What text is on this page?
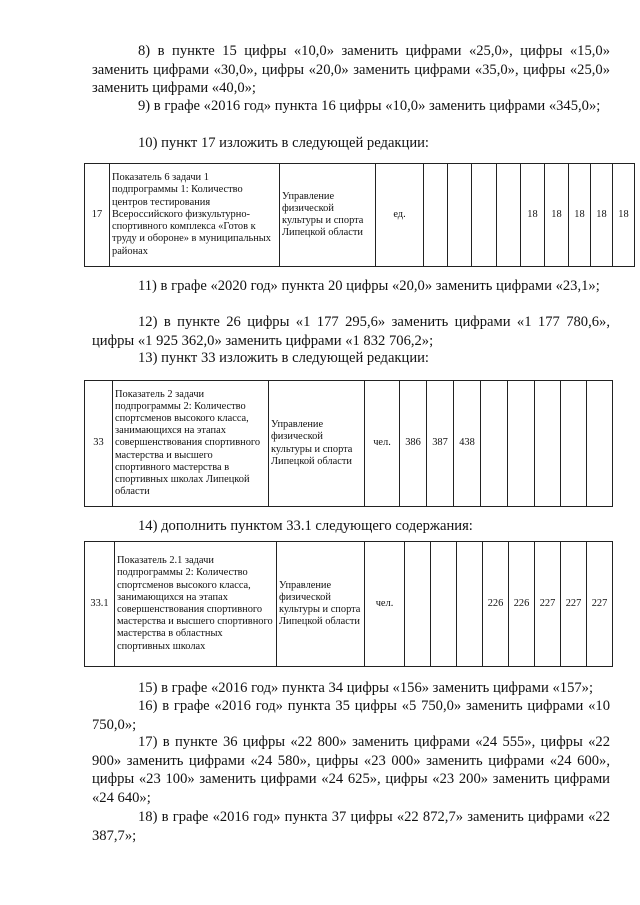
8) в пункте 15 цифры «10,0» заменить цифрами «25,0», цифры «15,0» заменить цифрами «30,0», цифры «20,0» заменить цифрами «35,0», цифры «25,0» заменить цифрами «40,0»;

9) в графе «2016 год» пункта 16 цифры «10,0» заменить цифрами «345,0»;

10) пункт 17 изложить в следующей редакции:

17	Показатель 6 задачи 1 подпрограммы 1: Количество центров тестирования Всероссийского физкультурно-спортивного комплекса «Готов к труду и обороне» в муниципальных районах	Управление физической культуры и спорта Липецкой области	ед.					18	18	18	18	18

11) в графе «2020 год» пункта 20 цифры «20,0» заменить цифрами «23,1»;

12) в пункте 26 цифры «1 177 295,6» заменить цифрами «1 177 780,6», цифры «1 925 362,0» заменить цифрами «1 832 706,2»;

13) пункт 33 изложить в следующей редакции:

33	Показатель 2 задачи подпрограммы 2: Количество спортсменов высокого класса, занимающихся на этапах совершенствования спортивного мастерства и высшего спортивного мастерства в спортивных школах Липецкой области	Управление физической культуры и спорта Липецкой области	чел.	386	387	438					

14) дополнить пунктом 33.1 следующего содержания:

33.1	Показатель 2.1 задачи подпрограммы 2: Количество спортсменов высокого класса, занимающихся на этапах совершенствования спортивного мастерства и высшего спортивного мастерства в областных спортивных школах	Управление физической культуры и спорта Липецкой области	чел.				226	226	227	227	227

15) в графе «2016 год» пункта 34 цифры «156» заменить цифрами «157»;

16) в графе «2016 год» пункта 35 цифры «5 750,0» заменить цифрами «10 750,0»;

17) в пункте 36 цифры «22 800» заменить цифрами «24 555», цифры «22 900» заменить цифрами «24 580», цифры «23 000» заменить цифрами «24 600», цифры «23 100» заменить цифрами «24 625», цифры «23 200» заменить цифрами «24 640»;

18) в графе «2016 год» пункта 37 цифры «22 872,7» заменить цифрами «22 387,7»;
